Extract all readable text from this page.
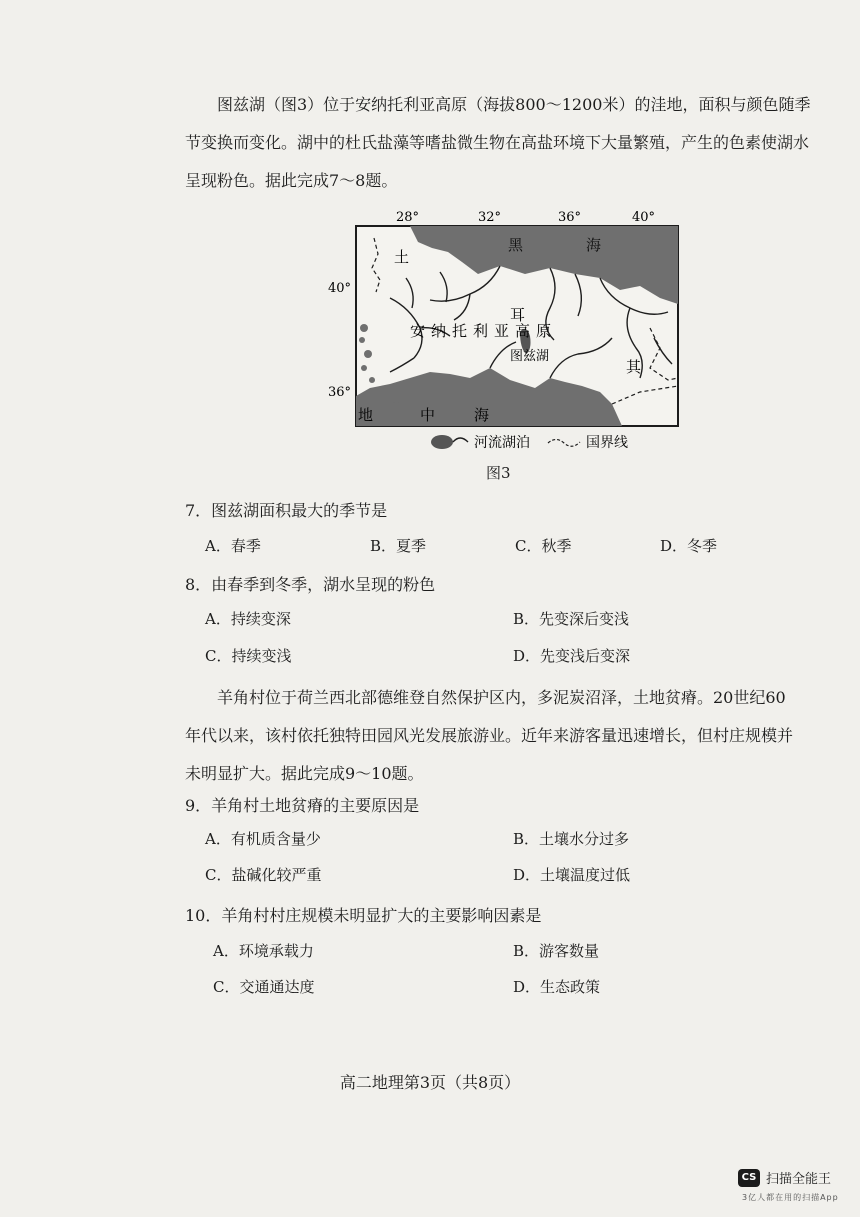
图兹湖（图3）位于安纳托利亚高原（海拔800～1200米）的洼地，面积与颜色随季
节变换而变化。湖中的杜氏盐藻等嗜盐微生物在高盐环境下大量繁殖，产生的色素使湖水
呈现粉色。据此完成7～8题。
28°	32°	36°	40°
40°
36°
土
黑	海
耳
安纳托利亚高原
图兹湖
其
地	中	海
河流湖泊	国界线
图3
7．图兹湖面积最大的季节是
A．春季	B．夏季	C．秋季	D．冬季
8．由春季到冬季，湖水呈现的粉色
A．持续变深	B．先变深后变浅
C．持续变浅	D．先变浅后变深
羊角村位于荷兰西北部德维登自然保护区内，多泥炭沼泽，土地贫瘠。20世纪60
年代以来，该村依托独特田园风光发展旅游业。近年来游客量迅速增长，但村庄规模并
未明显扩大。据此完成9～10题。
9．羊角村土地贫瘠的主要原因是
A．有机质含量少	B．土壤水分过多
C．盐碱化较严重	D．土壤温度过低
10．羊角村村庄规模未明显扩大的主要影响因素是
A．环境承载力	B．游客数量
C．交通通达度	D．生态政策
高二地理第3页（共8页）
CS 扫描全能王
3亿人都在用的扫描App
